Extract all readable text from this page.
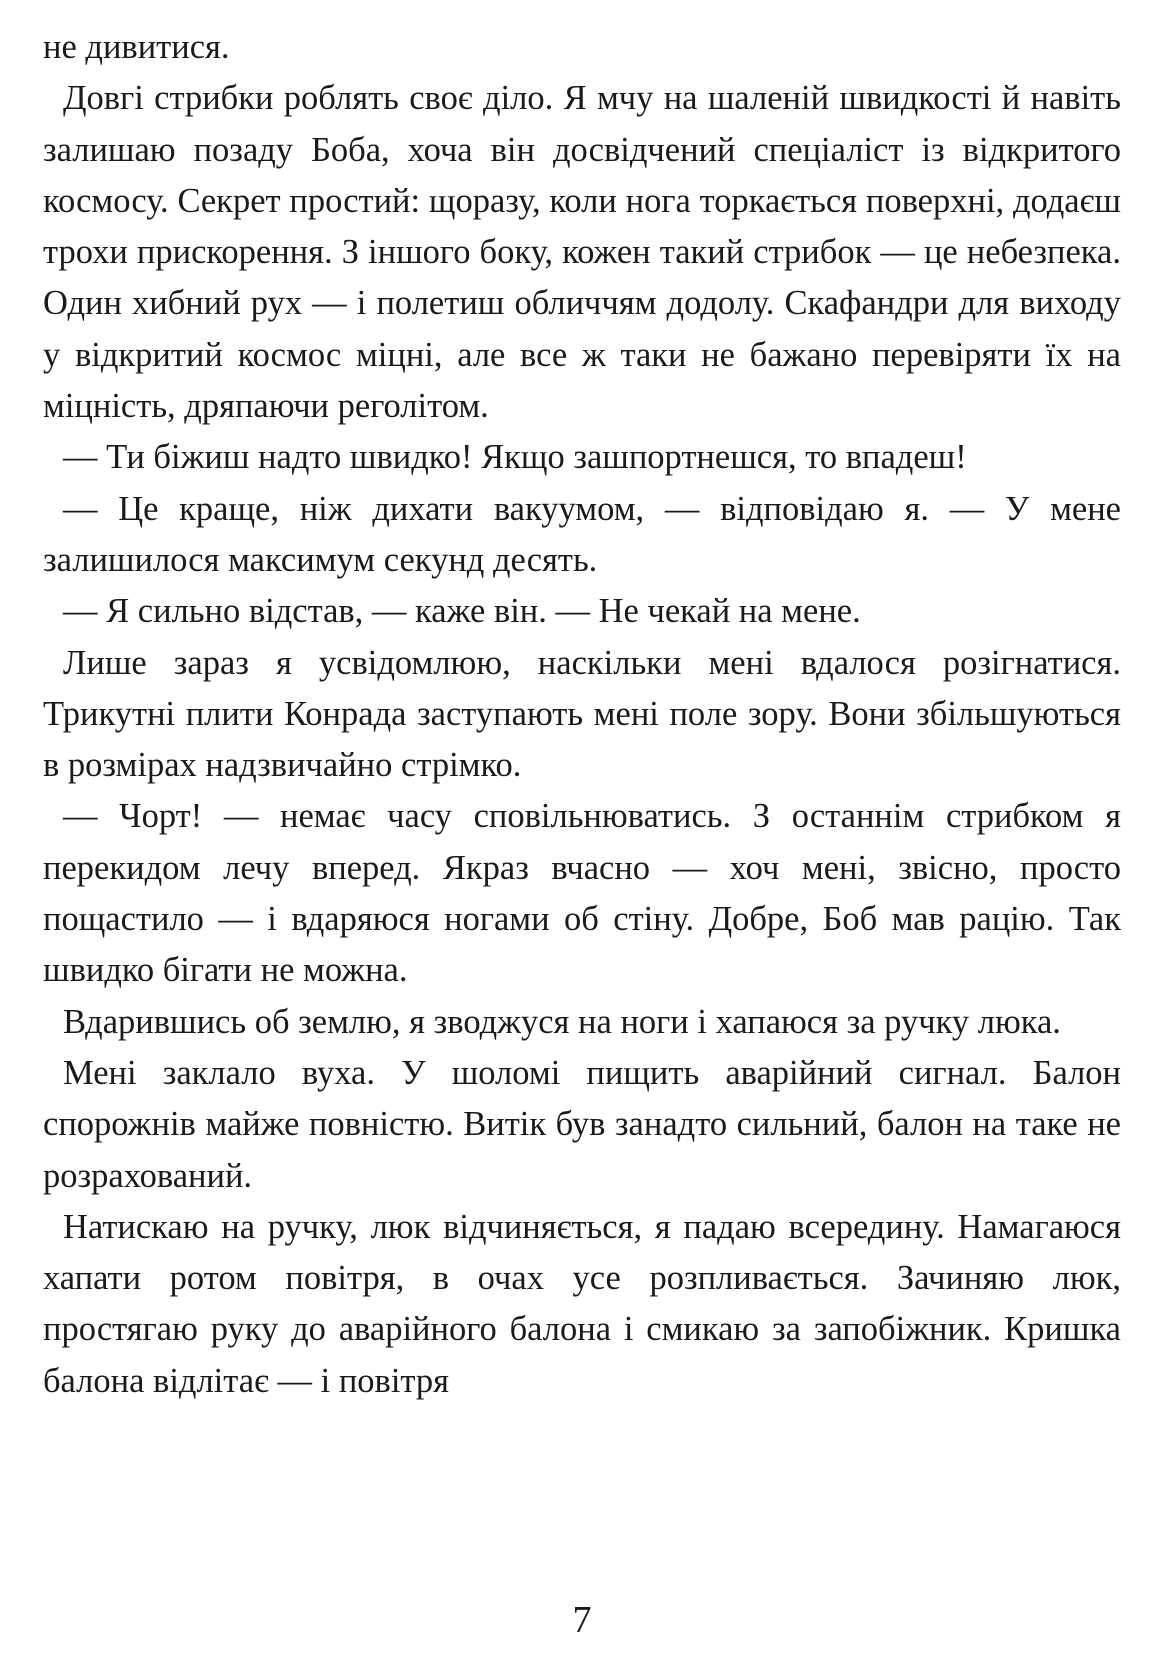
не дивитися.

Довгі стрибки роблять своє діло. Я мчу на шаленій швидкості й навіть залишаю позаду Боба, хоча він досвідчений спеціаліст із відкритого космосу. Секрет простий: щоразу, коли нога торкається поверхні, додаєш трохи прискорення. З іншого боку, кожен такий стрибок — це небезпека. Один хибний рух — і полетиш обличчям додолу. Скафандри для виходу у відкритий космос міцні, але все ж таки не бажано перевіряти їх на міцність, дряпаючи реголітом.

— Ти біжиш надто швидко! Якщо зашпортнешся, то впадеш!

— Це краще, ніж дихати вакуумом, — відповідаю я. — У мене залишилося максимум секунд десять.

— Я сильно відстав, — каже він. — Не чекай на мене.

Лише зараз я усвідомлюю, наскільки мені вдалося розігнатися. Трикутні плити Конрада заступають мені поле зору. Вони збільшуються в розмірах надзвичайно стрімко.

— Чорт! — немає часу сповільнюватись. З останнім стрибком я перекидом лечу вперед. Якраз вчасно — хоч мені, звісно, просто пощастило — і вдаряюся ногами об стіну. Добре, Боб мав рацію. Так швидко бігати не можна.

Вдарившись об землю, я зводжуся на ноги і хапаюся за ручку люка.

Мені заклало вуха. У шоломі пищить аварійний сигнал. Балон спорожнів майже повністю. Витік був занадто сильний, балон на таке не розрахований.

Натискаю на ручку, люк відчиняється, я падаю всередину. Намагаюся хапати ротом повітря, в очах усе розпливається. Зачиняю люк, простягаю руку до аварійного балона і смикаю за запобіжник. Кришка балона відлітає — і повітря

7
